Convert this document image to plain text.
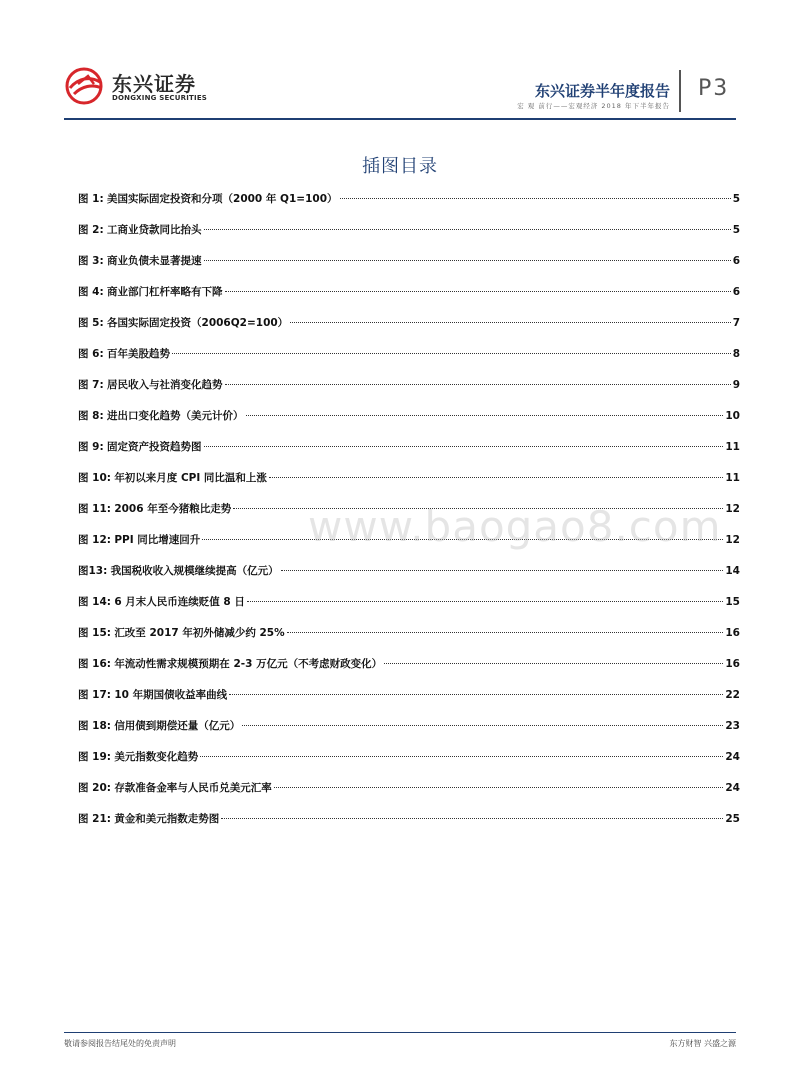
东兴证券
DONGXING SECURITIES	东兴证券半年度报告
宏 观 前行——宏观经济 2018 年下半年报告
P3
插图目录
图 1: 美国实际固定投资和分项（2000 年 Q1=100）	5
图 2: 工商业贷款同比抬头	5
图 3: 商业负债未显著提速	6
图 4: 商业部门杠杆率略有下降	6
图 5: 各国实际固定投资（2006Q2=100）	7
图 6: 百年美股趋势	8
图 7: 居民收入与社消变化趋势	9
图 8: 进出口变化趋势（美元计价）	10
图 9: 固定资产投资趋势图	11
图 10: 年初以来月度 CPI 同比温和上涨	11
图 11: 2006 年至今猪粮比走势	12
图 12: PPI 同比增速回升	12
图13: 我国税收收入规模继续提高（亿元）	14
图 14: 6 月末人民币连续贬值 8 日	15
图 15: 汇改至 2017 年初外储减少约 25%	16
图 16: 年流动性需求规模预期在 2-3 万亿元（不考虑财政变化）	16
图 17: 10 年期国债收益率曲线	22
图 18: 信用债到期偿还量（亿元）	23
图 19: 美元指数变化趋势	24
图 20: 存款准备金率与人民币兑美元汇率	24
图 21: 黄金和美元指数走势图	25
www.baogao8.com
敬请参阅报告结尾处的免责声明	东方财智 兴盛之源
